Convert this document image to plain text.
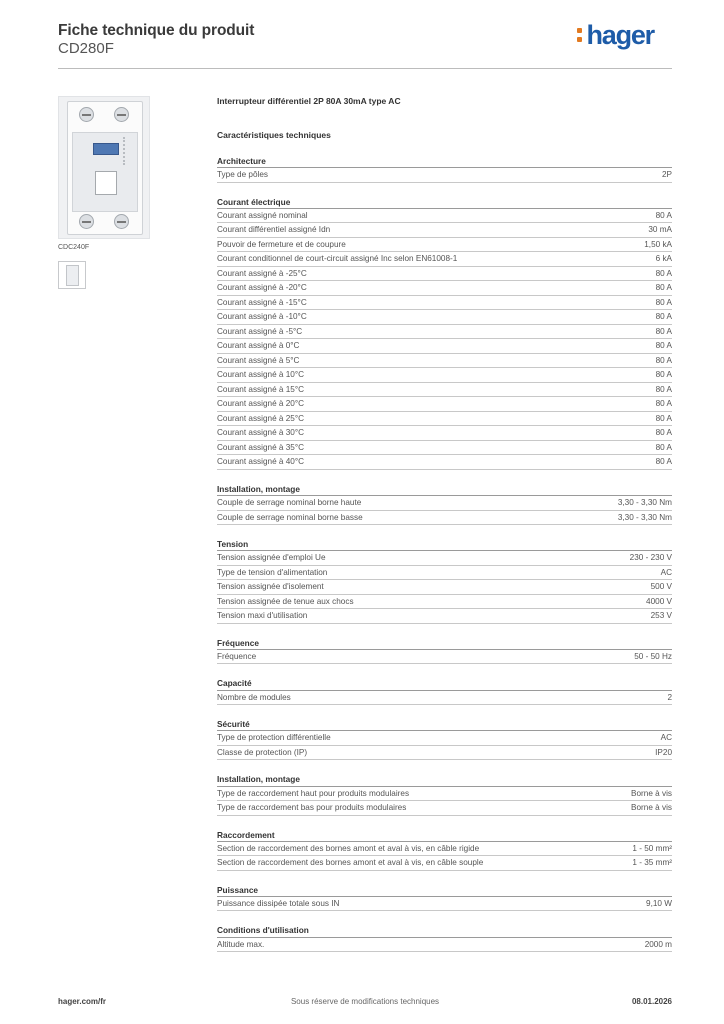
Fiche technique du produit
CD280F	hager
CDC240F
Interrupteur différentiel 2P 80A 30mA type AC
Caractéristiques techniques
Architecture
Type de pôles	2P
Courant électrique
Courant assigné nominal	80 A
Courant différentiel assigné Idn	30 mA
Pouvoir de fermeture et de coupure	1,50 kA
Courant conditionnel de court-circuit assigné Inc selon EN61008-1	6 kA
Courant assigné à -25°C	80 A
Courant assigné à -20°C	80 A
Courant assigné à -15°C	80 A
Courant assigné à -10°C	80 A
Courant assigné à -5°C	80 A
Courant assigné à 0°C	80 A
Courant assigné à 5°C	80 A
Courant assigné à 10°C	80 A
Courant assigné à 15°C	80 A
Courant assigné à 20°C	80 A
Courant assigné à 25°C	80 A
Courant assigné à 30°C	80 A
Courant assigné à 35°C	80 A
Courant assigné à 40°C	80 A
Installation, montage
Couple de serrage nominal borne haute	3,30 - 3,30 Nm
Couple de serrage nominal borne basse	3,30 - 3,30 Nm
Tension
Tension assignée d'emploi Ue	230 - 230 V
Type de tension d'alimentation	AC
Tension assignée d'isolement	500 V
Tension assignée de tenue aux chocs	4000 V
Tension maxi d'utilisation	253 V
Fréquence
Fréquence	50 - 50 Hz
Capacité
Nombre de modules	2
Sécurité
Type de protection différentielle	AC
Classe de protection (IP)	IP20
Installation, montage
Type de raccordement haut pour produits modulaires	Borne à vis
Type de raccordement bas pour produits modulaires	Borne à vis
Raccordement
Section de raccordement des bornes amont et aval à vis, en câble rigide	1 - 50 mm²
Section de raccordement des bornes amont et aval à vis, en câble souple	1 - 35 mm²
Puissance
Puissance dissipée totale sous IN	9,10 W
Conditions d'utilisation
Altitude max.	2000 m
hager.com/fr	Sous réserve de modifications techniques	08.01.2026
